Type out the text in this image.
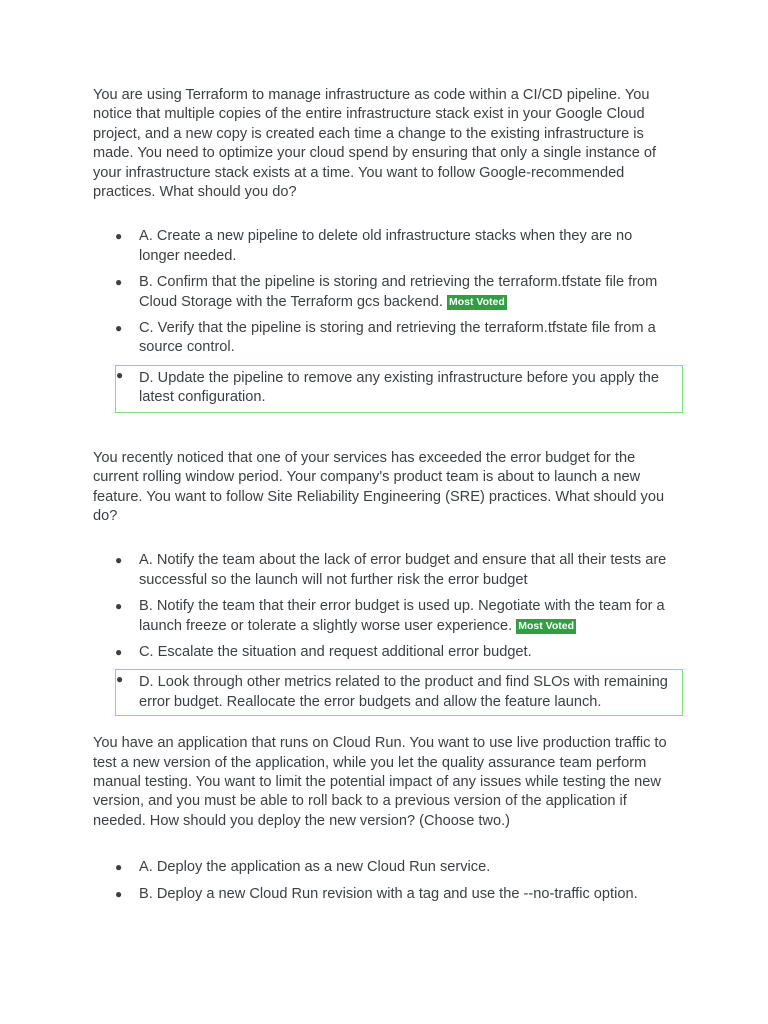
You are using Terraform to manage infrastructure as code within a CI/CD pipeline. You notice that multiple copies of the entire infrastructure stack exist in your Google Cloud project, and a new copy is created each time a change to the existing infrastructure is made. You need to optimize your cloud spend by ensuring that only a single instance of your infrastructure stack exists at a time. You want to follow Google-recommended practices. What should you do?

● A. Create a new pipeline to delete old infrastructure stacks when they are no longer needed.
● B. Confirm that the pipeline is storing and retrieving the terraform.tfstate file from Cloud Storage with the Terraform gcs backend. Most Voted
● C. Verify that the pipeline is storing and retrieving the terraform.tfstate file from a source control.
● D. Update the pipeline to remove any existing infrastructure before you apply the latest configuration.

You recently noticed that one of your services has exceeded the error budget for the current rolling window period. Your company's product team is about to launch a new feature. You want to follow Site Reliability Engineering (SRE) practices. What should you do?

● A. Notify the team about the lack of error budget and ensure that all their tests are successful so the launch will not further risk the error budget
● B. Notify the team that their error budget is used up. Negotiate with the team for a launch freeze or tolerate a slightly worse user experience. Most Voted
● C. Escalate the situation and request additional error budget.
● D. Look through other metrics related to the product and find SLOs with remaining error budget. Reallocate the error budgets and allow the feature launch.

You have an application that runs on Cloud Run. You want to use live production traffic to test a new version of the application, while you let the quality assurance team perform manual testing. You want to limit the potential impact of any issues while testing the new version, and you must be able to roll back to a previous version of the application if needed. How should you deploy the new version? (Choose two.)

● A. Deploy the application as a new Cloud Run service.
● B. Deploy a new Cloud Run revision with a tag and use the --no-traffic option.
